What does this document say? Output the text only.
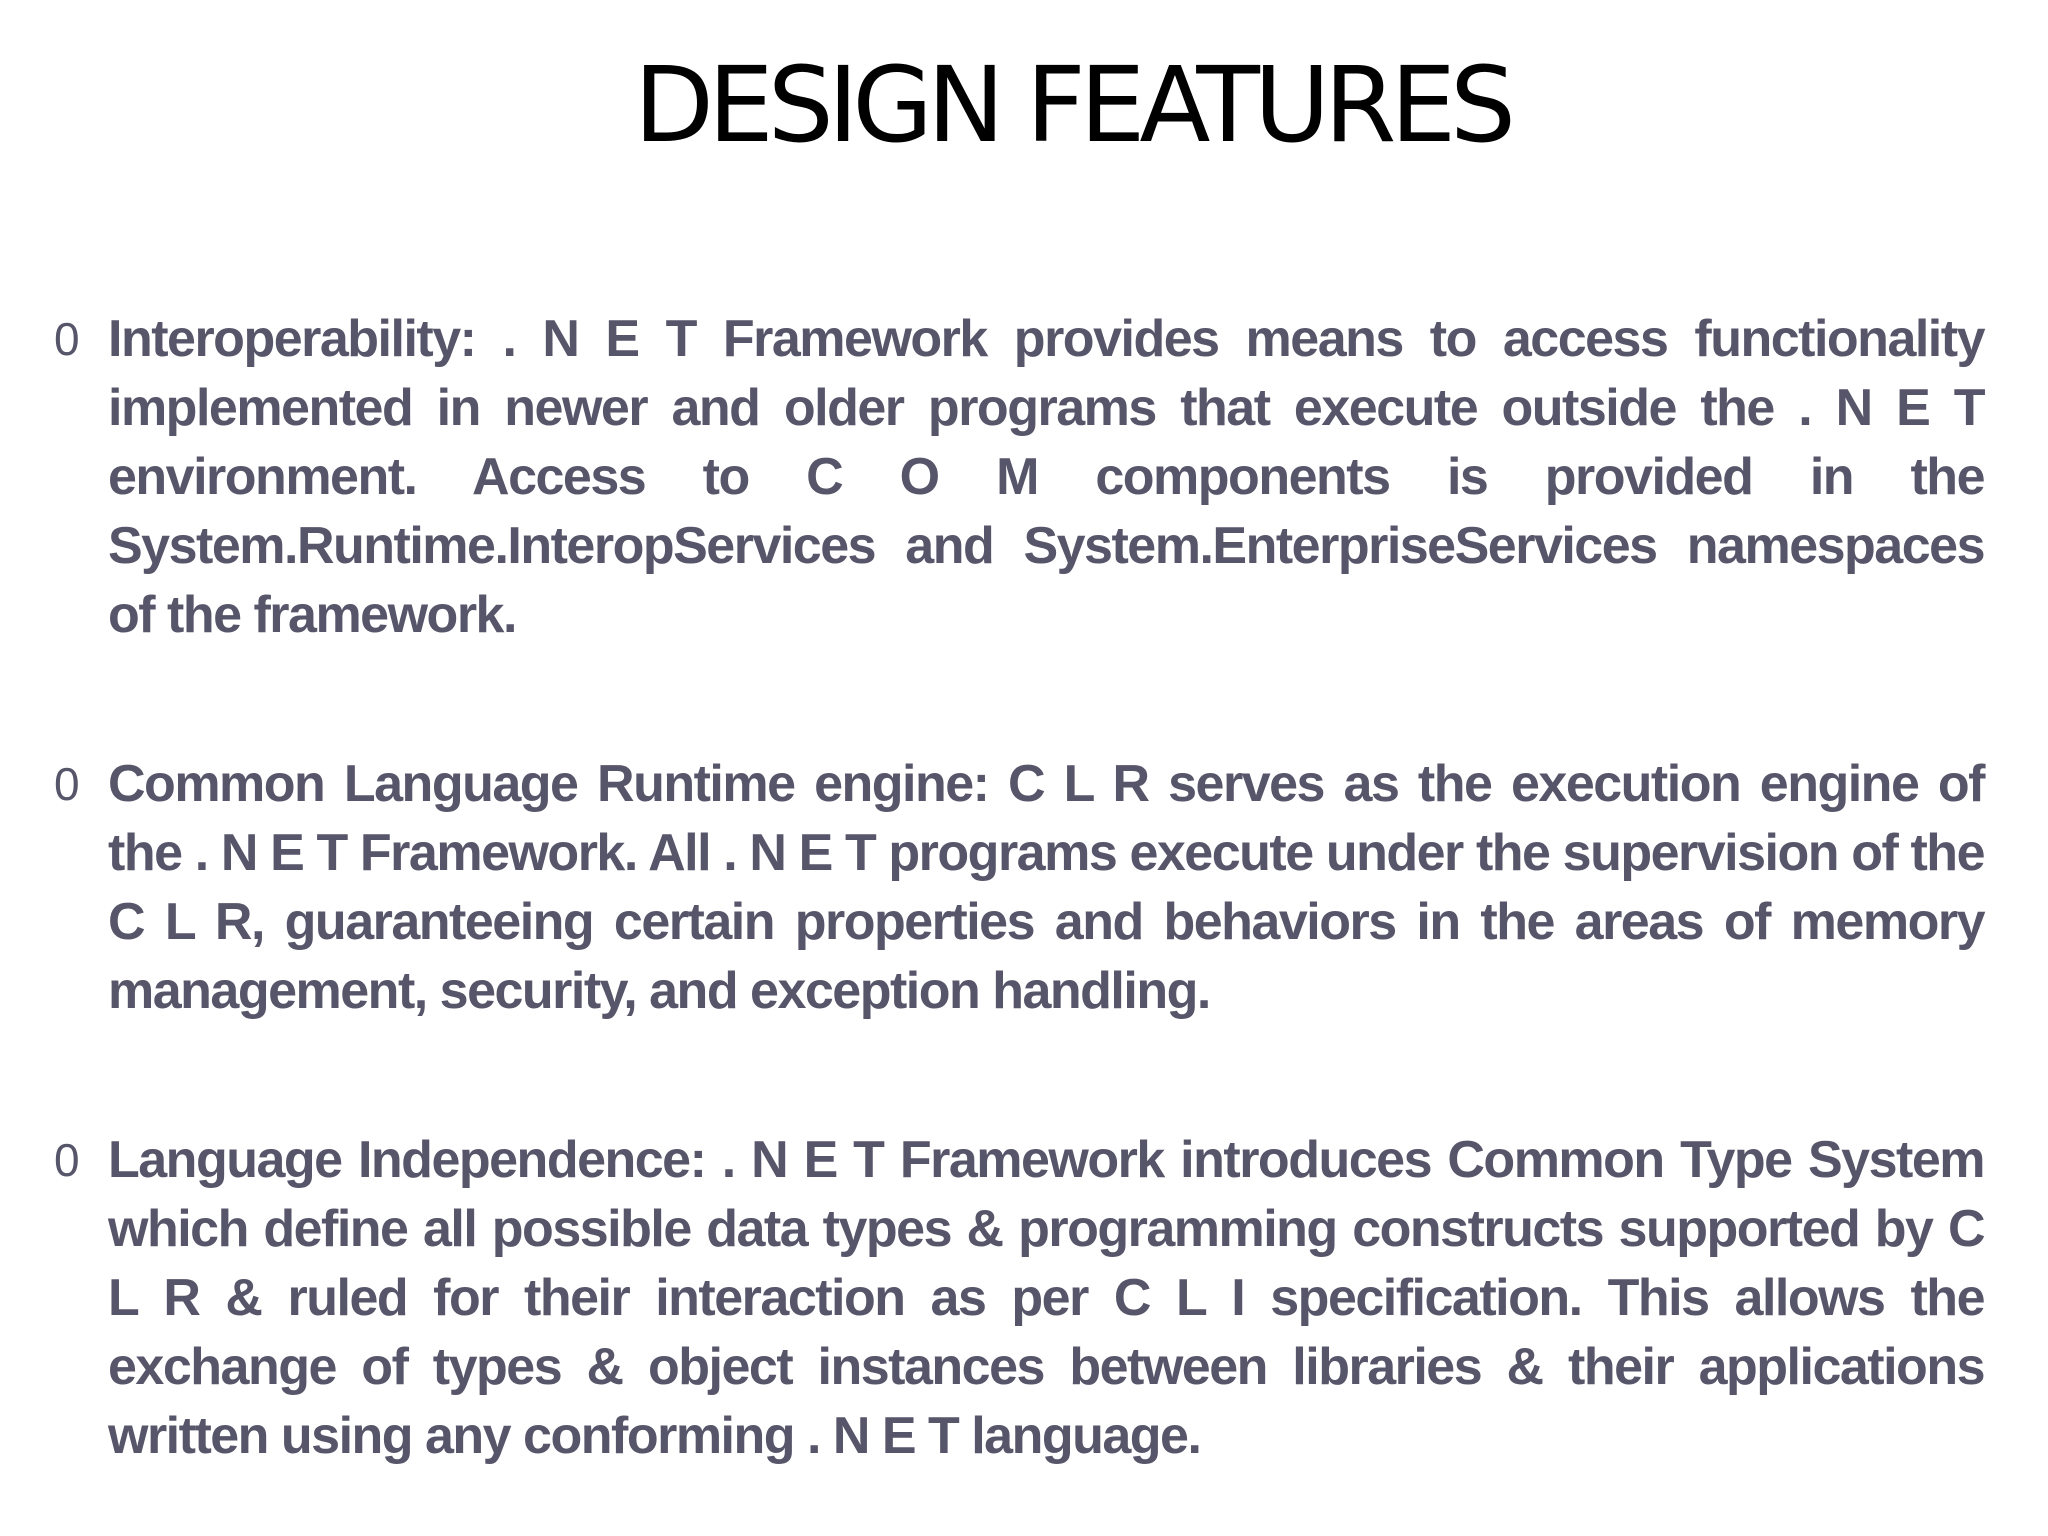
DESIGN FEATURES
0 Interoperability: . N E T Framework provides means to access functionality implemented in newer and older programs that execute outside the . N E T environment. Access to C O M components is provided in the System.Runtime.InteropServices and System.EnterpriseServices namespaces of the framework.
0 Common Language Runtime engine: C L R serves as the execution engine of the . N E T Framework. All . N E T programs execute under the supervision of the C L R, guaranteeing certain properties and behaviors in the areas of memory management, security, and exception handling.
0 Language Independence: . N E T Framework introduces Common Type System which define all possible data types & programming constructs supported by C L R & ruled for their interaction as per C L I specification. This allows the exchange of types & object instances between libraries & their applications written using any conforming . N E T language.
